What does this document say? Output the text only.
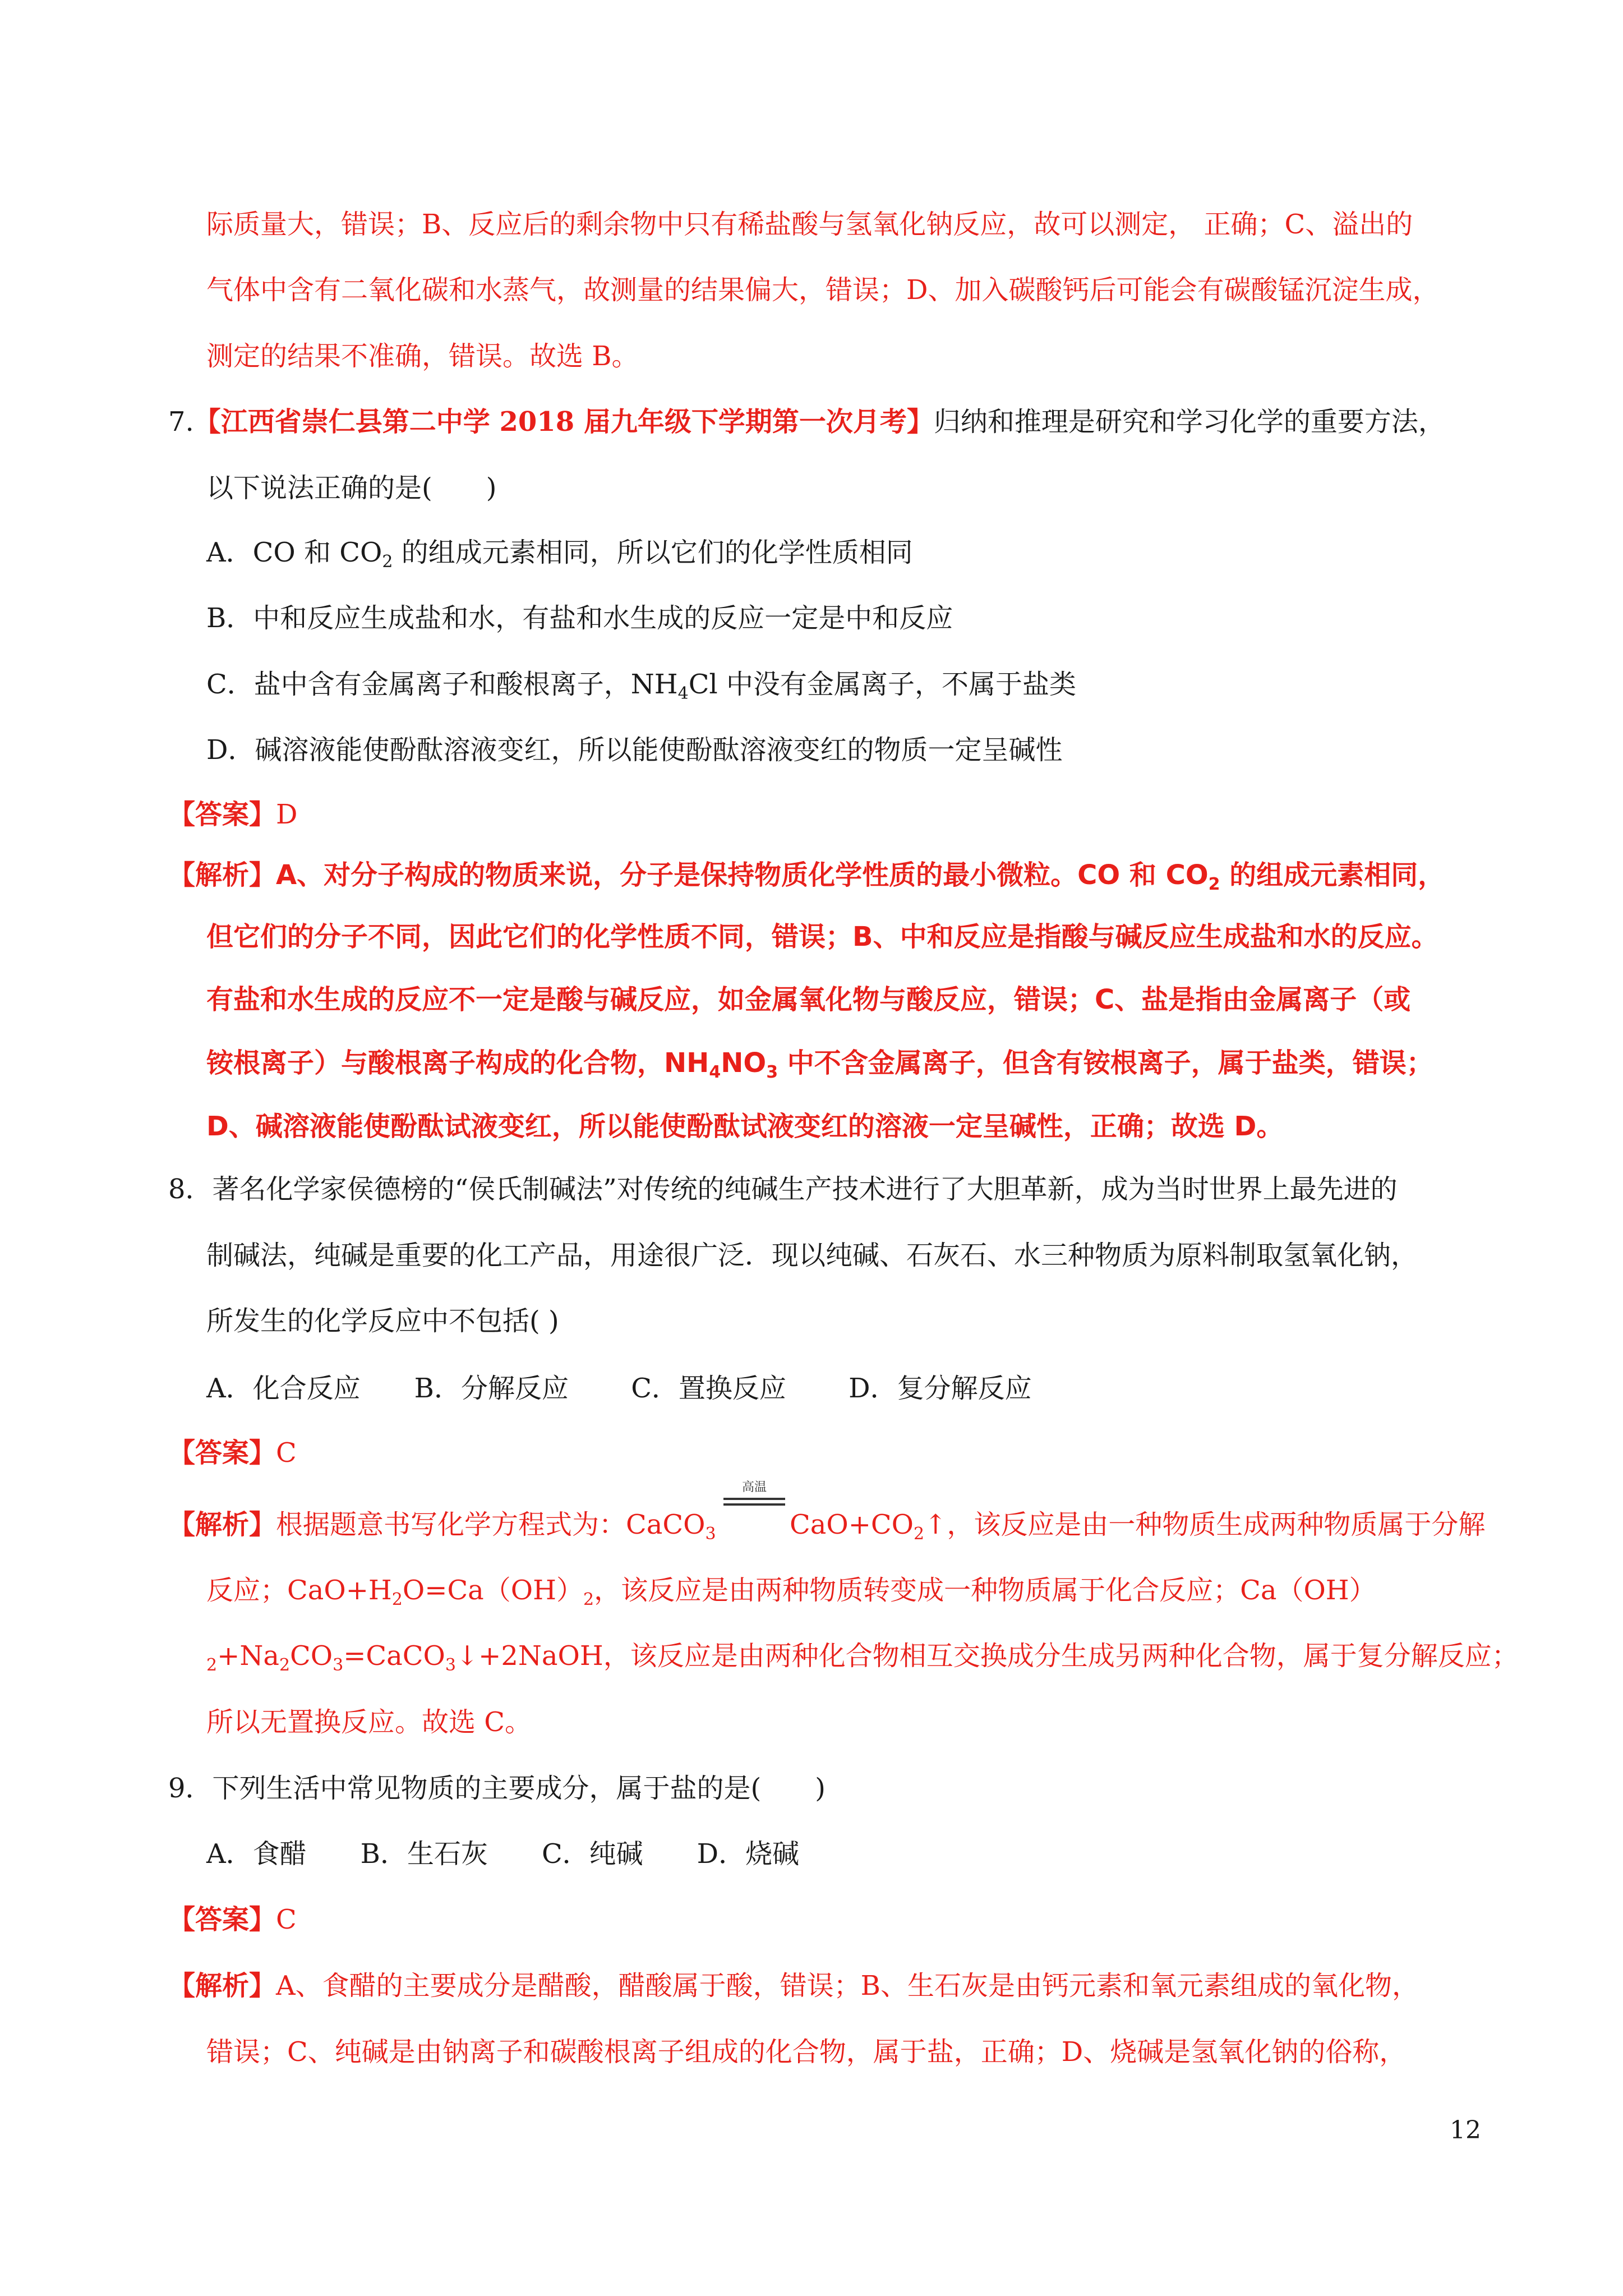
际质量大，错误；B、反应后的剩余物中只有稀盐酸与氢氧化钠反应，故可以测定， 正确；C、溢出的
气体中含有二氧化碳和水蒸气，故测量的结果偏大，错误；D、加入碳酸钙后可能会有碳酸锰沉淀生成，
测定的结果不准确，错误。故选 B。
7.【江西省崇仁县第二中学 2018 届九年级下学期第一次月考】归纳和推理是研究和学习化学的重要方法，
以下说法正确的是(　　)
A．CO 和 $CO_2$ 的组成元素相同，所以它们的化学性质相同
B．中和反应生成盐和水，有盐和水生成的反应一定是中和反应
C．盐中含有金属离子和酸根离子，$NH_4Cl$ 中没有金属离子，不属于盐类
D．碱溶液能使酚酞溶液变红，所以能使酚酞溶液变红的物质一定呈碱性
【答案】D
【解析】A、对分子构成的物质来说，分子是保持物质化学性质的最小微粒。CO 和 $CO_2$ 的组成元素相同，
但它们的分子不同，因此它们的化学性质不同，错误；B、中和反应是指酸与碱反应生成盐和水的反应。
有盐和水生成的反应不一定是酸与碱反应，如金属氧化物与酸反应，错误；C、盐是指由金属离子（或
铵根离子）与酸根离子构成的化合物，$NH_4NO_3$ 中不含金属离子，但含有铵根离子，属于盐类，错误；
D、碱溶液能使酚酞试液变红，所以能使酚酞试液变红的溶液一定呈碱性，正确；故选 D。
8．著名化学家侯德榜的“侯氏制碱法”对传统的纯碱生产技术进行了大胆革新，成为当时世界上最先进的
制碱法，纯碱是重要的化工产品，用途很广泛．现以纯碱、石灰石、水三种物质为原料制取氢氧化钠，
所发生的化学反应中不包括( )
A．化合反应　　B．分解反应　　 C．置换反应　　 D．复分解反应
【答案】C
【解析】根据题意书写化学方程式为：CaCO$_3$
高温
$CaO+CO_2↑$，该反应是由一种物质生成两种物质属于分解
反应；$CaO+H_2O=Ca(OH)_2$，该反应是由两种物质转变成一种物质属于化合反应；Ca（OH）
$_2+Na_2CO_3=CaCO_3↓+2NaOH$，该反应是由两种化合物相互交换成分生成另两种化合物，属于复分解反应；
所以无置换反应。故选 C。
9．下列生活中常见物质的主要成分，属于盐的是(　　)
A．食醋　　B．生石灰　　C．纯碱　　D．烧碱
【答案】C
【解析】A、食醋的主要成分是醋酸，醋酸属于酸，错误；B、生石灰是由钙元素和氧元素组成的氧化物，
错误；C、纯碱是由钠离子和碳酸根离子组成的化合物，属于盐，正确；D、烧碱是氢氧化钠的俗称，
12
